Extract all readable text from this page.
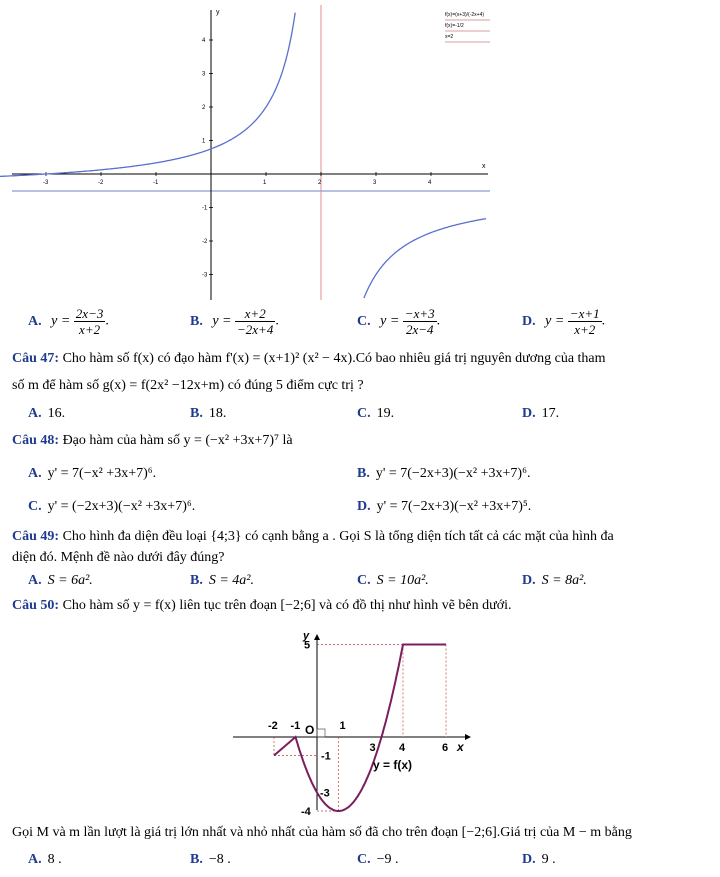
-3	-2	-1	1	2	3	4
4
3
2
1
-1
-2
-3
y
x
f(x)=(x+3)/(-2x+4)
f(x)=-1/2
x=2
A. $y = \frac{2x-3}{x+2}$ .	B. $y = \frac{x+2}{-2x+4}$ .	C. $y = \frac{-x+3}{2x-4}$ .	D. $y = \frac{-x+1}{x+2}$ .
Câu 47: Cho hàm số f(x) có đạo hàm f'(x) = (x+1)² (x² − 4x).Có bao nhiêu giá trị nguyên dương của tham
số m để hàm số g(x) = f(2x² −12x+m) có đúng 5 điểm cực trị ?
A. 16.	B. 18.	C. 19.	D. 17.
Câu 48: Đạo hàm của hàm số y = (−x² +3x+7)⁷ là
A. y' = 7(−x² +3x+7)⁶.	B. y' = 7(−2x+3)(−x² +3x+7)⁶.
C. y' = (−2x+3)(−x² +3x+7)⁶.	D. y' = 7(−2x+3)(−x² +3x+7)⁵.
Câu 49: Cho hình đa diện đều loại {4;3} có cạnh bằng a . Gọi S là tổng diện tích tất cả các mặt của hình đa
diện đó. Mệnh đề nào dưới đây đúng?
A. S = 6a².	B. S = 4a².	C. S = 10a².	D. S = 8a².
Câu 50: Cho hàm số y = f(x) liên tục trên đoạn [−2;6] và có đồ thị như hình vẽ bên dưới.
y
x
O
y = f(x)
-2 -1	1
3 4	6
5
-1
-3
-4
Gọi M và m lần lượt là giá trị lớn nhất và nhỏ nhất của hàm số đã cho trên đoạn [−2;6].Giá trị của M − m bằng
A. 8 .	B. −8 .	C. −9 .	D. 9 .
